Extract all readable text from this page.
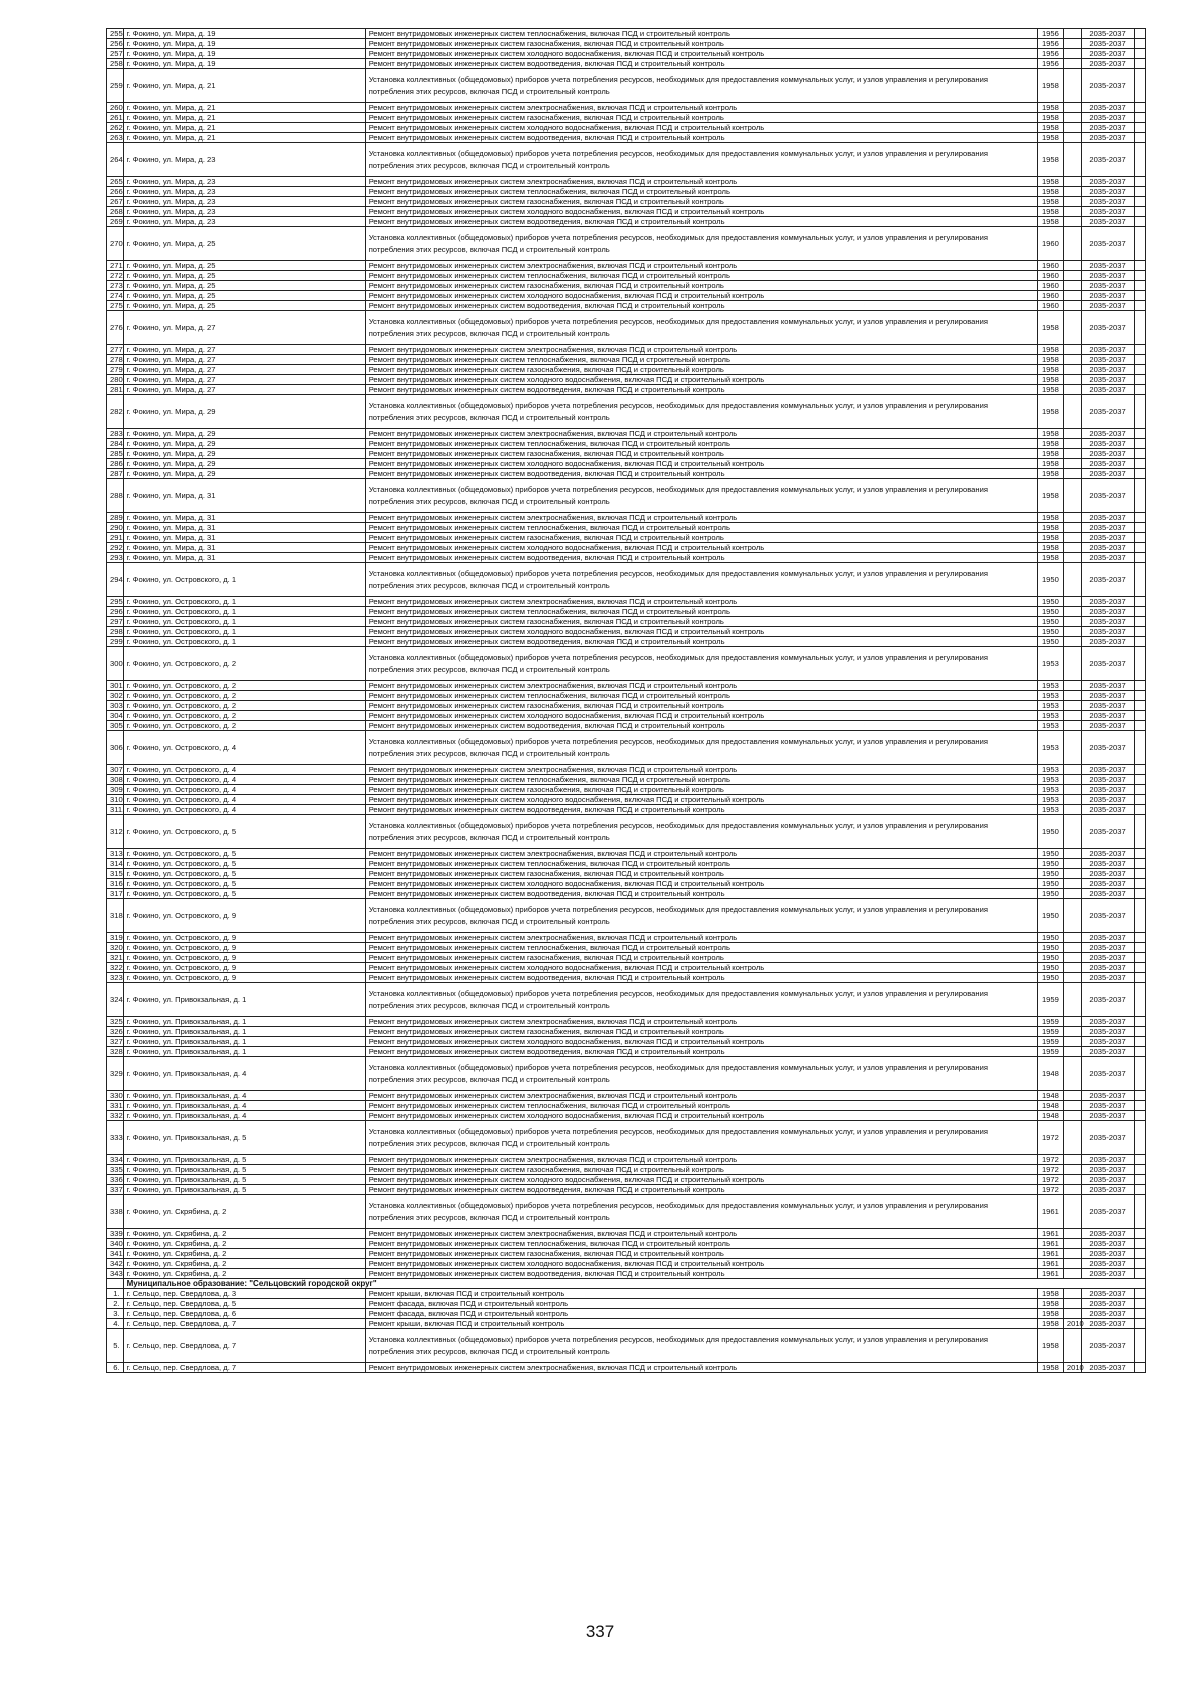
255.	г. Фокино, ул. Мира, д. 19	Ремонт внутридомовых инженерных систем теплоснабжения, включая ПСД и строительный контроль	1956		2035-2037	
256.	г. Фокино, ул. Мира, д. 19	Ремонт внутридомовых инженерных систем газоснабжения, включая ПСД и строительный контроль	1956		2035-2037	
257.	г. Фокино, ул. Мира, д. 19	Ремонт внутридомовых инженерных систем холодного водоснабжения, включая ПСД и строительный контроль	1956		2035-2037	
258.	г. Фокино, ул. Мира, д. 19	Ремонт внутридомовых инженерных систем водоотведения, включая ПСД и строительный контроль	1956		2035-2037	
259.	г. Фокино, ул. Мира, д. 21	Установка коллективных (общедомовых) приборов учета потребления ресурсов, необходимых для предоставления коммунальных услуг, и узлов управления и регулирования потребления этих ресурсов, включая ПСД и строительный контроль	1958		2035-2037	
260.	г. Фокино, ул. Мира, д. 21	Ремонт внутридомовых инженерных систем электроснабжения, включая ПСД и строительный контроль	1958		2035-2037	
261.	г. Фокино, ул. Мира, д. 21	Ремонт внутридомовых инженерных систем газоснабжения, включая ПСД и строительный контроль	1958		2035-2037	
262.	г. Фокино, ул. Мира, д. 21	Ремонт внутридомовых инженерных систем холодного водоснабжения, включая ПСД и строительный контроль	1958		2035-2037	
263.	г. Фокино, ул. Мира, д. 21	Ремонт внутридомовых инженерных систем водоотведения, включая ПСД и строительный контроль	1958		2035-2037	
264.	г. Фокино, ул. Мира, д. 23	Установка коллективных (общедомовых) приборов учета потребления ресурсов, необходимых для предоставления коммунальных услуг, и узлов управления и регулирования потребления этих ресурсов, включая ПСД и строительный контроль	1958		2035-2037	
265.	г. Фокино, ул. Мира, д. 23	Ремонт внутридомовых инженерных систем электроснабжения, включая ПСД и строительный контроль	1958		2035-2037	
266.	г. Фокино, ул. Мира, д. 23	Ремонт внутридомовых инженерных систем теплоснабжения, включая ПСД и строительный контроль	1958		2035-2037	
267.	г. Фокино, ул. Мира, д. 23	Ремонт внутридомовых инженерных систем газоснабжения, включая ПСД и строительный контроль	1958		2035-2037	
268.	г. Фокино, ул. Мира, д. 23	Ремонт внутридомовых инженерных систем холодного водоснабжения, включая ПСД и строительный контроль	1958		2035-2037	
269.	г. Фокино, ул. Мира, д. 23	Ремонт внутридомовых инженерных систем водоотведения, включая ПСД и строительный контроль	1958		2035-2037	
270.	г. Фокино, ул. Мира, д. 25	Установка коллективных (общедомовых) приборов учета потребления ресурсов, необходимых для предоставления коммунальных услуг, и узлов управления и регулирования потребления этих ресурсов, включая ПСД и строительный контроль	1960		2035-2037	
271.	г. Фокино, ул. Мира, д. 25	Ремонт внутридомовых инженерных систем электроснабжения, включая ПСД и строительный контроль	1960		2035-2037	
272.	г. Фокино, ул. Мира, д. 25	Ремонт внутридомовых инженерных систем теплоснабжения, включая ПСД и строительный контроль	1960		2035-2037	
273.	г. Фокино, ул. Мира, д. 25	Ремонт внутридомовых инженерных систем газоснабжения, включая ПСД и строительный контроль	1960		2035-2037	
274.	г. Фокино, ул. Мира, д. 25	Ремонт внутридомовых инженерных систем холодного водоснабжения, включая ПСД и строительный контроль	1960		2035-2037	
275.	г. Фокино, ул. Мира, д. 25	Ремонт внутридомовых инженерных систем водоотведения, включая ПСД и строительный контроль	1960		2035-2037	
276.	г. Фокино, ул. Мира, д. 27	Установка коллективных (общедомовых) приборов учета потребления ресурсов, необходимых для предоставления коммунальных услуг, и узлов управления и регулирования потребления этих ресурсов, включая ПСД и строительный контроль	1958		2035-2037	
277.	г. Фокино, ул. Мира, д. 27	Ремонт внутридомовых инженерных систем электроснабжения, включая ПСД и строительный контроль	1958		2035-2037	
278.	г. Фокино, ул. Мира, д. 27	Ремонт внутридомовых инженерных систем теплоснабжения, включая ПСД и строительный контроль	1958		2035-2037	
279.	г. Фокино, ул. Мира, д. 27	Ремонт внутридомовых инженерных систем газоснабжения, включая ПСД и строительный контроль	1958		2035-2037	
280.	г. Фокино, ул. Мира, д. 27	Ремонт внутридомовых инженерных систем холодного водоснабжения, включая ПСД и строительный контроль	1958		2035-2037	
281.	г. Фокино, ул. Мира, д. 27	Ремонт внутридомовых инженерных систем водоотведения, включая ПСД и строительный контроль	1958		2035-2037	
282.	г. Фокино, ул. Мира, д. 29	Установка коллективных (общедомовых) приборов учета потребления ресурсов, необходимых для предоставления коммунальных услуг, и узлов управления и регулирования потребления этих ресурсов, включая ПСД и строительный контроль	1958		2035-2037	
283.	г. Фокино, ул. Мира, д. 29	Ремонт внутридомовых инженерных систем электроснабжения, включая ПСД и строительный контроль	1958		2035-2037	
284.	г. Фокино, ул. Мира, д. 29	Ремонт внутридомовых инженерных систем теплоснабжения, включая ПСД и строительный контроль	1958		2035-2037	
285.	г. Фокино, ул. Мира, д. 29	Ремонт внутридомовых инженерных систем газоснабжения, включая ПСД и строительный контроль	1958		2035-2037	
286.	г. Фокино, ул. Мира, д. 29	Ремонт внутридомовых инженерных систем холодного водоснабжения, включая ПСД и строительный контроль	1958		2035-2037	
287.	г. Фокино, ул. Мира, д. 29	Ремонт внутридомовых инженерных систем водоотведения, включая ПСД и строительный контроль	1958		2035-2037	
288.	г. Фокино, ул. Мира, д. 31	Установка коллективных (общедомовых) приборов учета потребления ресурсов, необходимых для предоставления коммунальных услуг, и узлов управления и регулирования потребления этих ресурсов, включая ПСД и строительный контроль	1958		2035-2037	
289.	г. Фокино, ул. Мира, д. 31	Ремонт внутридомовых инженерных систем электроснабжения, включая ПСД и строительный контроль	1958		2035-2037	
290.	г. Фокино, ул. Мира, д. 31	Ремонт внутридомовых инженерных систем теплоснабжения, включая ПСД и строительный контроль	1958		2035-2037	
291.	г. Фокино, ул. Мира, д. 31	Ремонт внутридомовых инженерных систем газоснабжения, включая ПСД и строительный контроль	1958		2035-2037	
292.	г. Фокино, ул. Мира, д. 31	Ремонт внутридомовых инженерных систем холодного водоснабжения, включая ПСД и строительный контроль	1958		2035-2037	
293.	г. Фокино, ул. Мира, д. 31	Ремонт внутридомовых инженерных систем водоотведения, включая ПСД и строительный контроль	1958		2035-2037	
294.	г. Фокино, ул. Островского, д. 1	Установка коллективных (общедомовых) приборов учета потребления ресурсов, необходимых для предоставления коммунальных услуг, и узлов управления и регулирования потребления этих ресурсов, включая ПСД и строительный контроль	1950		2035-2037	
295.	г. Фокино, ул. Островского, д. 1	Ремонт внутридомовых инженерных систем электроснабжения, включая ПСД и строительный контроль	1950		2035-2037	
296.	г. Фокино, ул. Островского, д. 1	Ремонт внутридомовых инженерных систем теплоснабжения, включая ПСД и строительный контроль	1950		2035-2037	
297.	г. Фокино, ул. Островского, д. 1	Ремонт внутридомовых инженерных систем газоснабжения, включая ПСД и строительный контроль	1950		2035-2037	
298.	г. Фокино, ул. Островского, д. 1	Ремонт внутридомовых инженерных систем холодного водоснабжения, включая ПСД и строительный контроль	1950		2035-2037	
299.	г. Фокино, ул. Островского, д. 1	Ремонт внутридомовых инженерных систем водоотведения, включая ПСД и строительный контроль	1950		2035-2037	
300.	г. Фокино, ул. Островского, д. 2	Установка коллективных (общедомовых) приборов учета потребления ресурсов, необходимых для предоставления коммунальных услуг, и узлов управления и регулирования потребления этих ресурсов, включая ПСД и строительный контроль	1953		2035-2037	
301.	г. Фокино, ул. Островского, д. 2	Ремонт внутридомовых инженерных систем электроснабжения, включая ПСД и строительный контроль	1953		2035-2037	
302.	г. Фокино, ул. Островского, д. 2	Ремонт внутридомовых инженерных систем теплоснабжения, включая ПСД и строительный контроль	1953		2035-2037	
303.	г. Фокино, ул. Островского, д. 2	Ремонт внутридомовых инженерных систем газоснабжения, включая ПСД и строительный контроль	1953		2035-2037	
304.	г. Фокино, ул. Островского, д. 2	Ремонт внутридомовых инженерных систем холодного водоснабжения, включая ПСД и строительный контроль	1953		2035-2037	
305.	г. Фокино, ул. Островского, д. 2	Ремонт внутридомовых инженерных систем водоотведения, включая ПСД и строительный контроль	1953		2035-2037	
306.	г. Фокино, ул. Островского, д. 4	Установка коллективных (общедомовых) приборов учета потребления ресурсов, необходимых для предоставления коммунальных услуг, и узлов управления и регулирования потребления этих ресурсов, включая ПСД и строительный контроль	1953		2035-2037	
307.	г. Фокино, ул. Островского, д. 4	Ремонт внутридомовых инженерных систем электроснабжения, включая ПСД и строительный контроль	1953		2035-2037	
308.	г. Фокино, ул. Островского, д. 4	Ремонт внутридомовых инженерных систем теплоснабжения, включая ПСД и строительный контроль	1953		2035-2037	
309.	г. Фокино, ул. Островского, д. 4	Ремонт внутридомовых инженерных систем газоснабжения, включая ПСД и строительный контроль	1953		2035-2037	
310.	г. Фокино, ул. Островского, д. 4	Ремонт внутридомовых инженерных систем холодного водоснабжения, включая ПСД и строительный контроль	1953		2035-2037	
311.	г. Фокино, ул. Островского, д. 4	Ремонт внутридомовых инженерных систем водоотведения, включая ПСД и строительный контроль	1953		2035-2037	
312.	г. Фокино, ул. Островского, д. 5	Установка коллективных (общедомовых) приборов учета потребления ресурсов, необходимых для предоставления коммунальных услуг, и узлов управления и регулирования потребления этих ресурсов, включая ПСД и строительный контроль	1950		2035-2037	
313.	г. Фокино, ул. Островского, д. 5	Ремонт внутридомовых инженерных систем электроснабжения, включая ПСД и строительный контроль	1950		2035-2037	
314.	г. Фокино, ул. Островского, д. 5	Ремонт внутридомовых инженерных систем теплоснабжения, включая ПСД и строительный контроль	1950		2035-2037	
315.	г. Фокино, ул. Островского, д. 5	Ремонт внутридомовых инженерных систем газоснабжения, включая ПСД и строительный контроль	1950		2035-2037	
316.	г. Фокино, ул. Островского, д. 5	Ремонт внутридомовых инженерных систем холодного водоснабжения, включая ПСД и строительный контроль	1950		2035-2037	
317.	г. Фокино, ул. Островского, д. 5	Ремонт внутридомовых инженерных систем водоотведения, включая ПСД и строительный контроль	1950		2035-2037	
318.	г. Фокино, ул. Островского, д. 9	Установка коллективных (общедомовых) приборов учета потребления ресурсов, необходимых для предоставления коммунальных услуг, и узлов управления и регулирования потребления этих ресурсов, включая ПСД и строительный контроль	1950		2035-2037	
319.	г. Фокино, ул. Островского, д. 9	Ремонт внутридомовых инженерных систем электроснабжения, включая ПСД и строительный контроль	1950		2035-2037	
320.	г. Фокино, ул. Островского, д. 9	Ремонт внутридомовых инженерных систем теплоснабжения, включая ПСД и строительный контроль	1950		2035-2037	
321.	г. Фокино, ул. Островского, д. 9	Ремонт внутридомовых инженерных систем газоснабжения, включая ПСД и строительный контроль	1950		2035-2037	
322.	г. Фокино, ул. Островского, д. 9	Ремонт внутридомовых инженерных систем холодного водоснабжения, включая ПСД и строительный контроль	1950		2035-2037	
323.	г. Фокино, ул. Островского, д. 9	Ремонт внутридомовых инженерных систем водоотведения, включая ПСД и строительный контроль	1950		2035-2037	
324.	г. Фокино, ул. Привокзальная, д. 1	Установка коллективных (общедомовых) приборов учета потребления ресурсов, необходимых для предоставления коммунальных услуг, и узлов управления и регулирования потребления этих ресурсов, включая ПСД и строительный контроль	1959		2035-2037	
325.	г. Фокино, ул. Привокзальная, д. 1	Ремонт внутридомовых инженерных систем электроснабжения, включая ПСД и строительный контроль	1959		2035-2037	
326.	г. Фокино, ул. Привокзальная, д. 1	Ремонт внутридомовых инженерных систем газоснабжения, включая ПСД и строительный контроль	1959		2035-2037	
327.	г. Фокино, ул. Привокзальная, д. 1	Ремонт внутридомовых инженерных систем холодного водоснабжения, включая ПСД и строительный контроль	1959		2035-2037	
328.	г. Фокино, ул. Привокзальная, д. 1	Ремонт внутридомовых инженерных систем водоотведения, включая ПСД и строительный контроль	1959		2035-2037	
329.	г. Фокино, ул. Привокзальная, д. 4	Установка коллективных (общедомовых) приборов учета потребления ресурсов, необходимых для предоставления коммунальных услуг, и узлов управления и регулирования потребления этих ресурсов, включая ПСД и строительный контроль	1948		2035-2037	
330.	г. Фокино, ул. Привокзальная, д. 4	Ремонт внутридомовых инженерных систем электроснабжения, включая ПСД и строительный контроль	1948		2035-2037	
331.	г. Фокино, ул. Привокзальная, д. 4	Ремонт внутридомовых инженерных систем теплоснабжения, включая ПСД и строительный контроль	1948		2035-2037	
332.	г. Фокино, ул. Привокзальная, д. 4	Ремонт внутридомовых инженерных систем холодного водоснабжения, включая ПСД и строительный контроль	1948		2035-2037	
333.	г. Фокино, ул. Привокзальная, д. 5	Установка коллективных (общедомовых) приборов учета потребления ресурсов, необходимых для предоставления коммунальных услуг, и узлов управления и регулирования потребления этих ресурсов, включая ПСД и строительный контроль	1972		2035-2037	
334.	г. Фокино, ул. Привокзальная, д. 5	Ремонт внутридомовых инженерных систем электроснабжения, включая ПСД и строительный контроль	1972		2035-2037	
335.	г. Фокино, ул. Привокзальная, д. 5	Ремонт внутридомовых инженерных систем газоснабжения, включая ПСД и строительный контроль	1972		2035-2037	
336.	г. Фокино, ул. Привокзальная, д. 5	Ремонт внутридомовых инженерных систем холодного водоснабжения, включая ПСД и строительный контроль	1972		2035-2037	
337.	г. Фокино, ул. Привокзальная, д. 5	Ремонт внутридомовых инженерных систем водоотведения, включая ПСД и строительный контроль	1972		2035-2037	
338.	г. Фокино, ул. Скрябина, д. 2	Установка коллективных (общедомовых) приборов учета потребления ресурсов, необходимых для предоставления коммунальных услуг, и узлов управления и регулирования потребления этих ресурсов, включая ПСД и строительный контроль	1961		2035-2037	
339.	г. Фокино, ул. Скрябина, д. 2	Ремонт внутридомовых инженерных систем электроснабжения, включая ПСД и строительный контроль	1961		2035-2037	
340.	г. Фокино, ул. Скрябина, д. 2	Ремонт внутридомовых инженерных систем теплоснабжения, включая ПСД и строительный контроль	1961		2035-2037	
341.	г. Фокино, ул. Скрябина, д. 2	Ремонт внутридомовых инженерных систем газоснабжения, включая ПСД и строительный контроль	1961		2035-2037	
342.	г. Фокино, ул. Скрябина, д. 2	Ремонт внутридомовых инженерных систем холодного водоснабжения, включая ПСД и строительный контроль	1961		2035-2037	
343.	г. Фокино, ул. Скрябина, д. 2	Ремонт внутридомовых инженерных систем водоотведения, включая ПСД и строительный контроль	1961		2035-2037	
	Муниципальное образование: "Сельцовский городской округ"					
1.	г. Сельцо, пер. Свердлова, д. 3	Ремонт крыши, включая ПСД и строительный контроль	1958		2035-2037	
2.	г. Сельцо, пер. Свердлова, д. 5	Ремонт фасада, включая ПСД и строительный контроль	1958		2035-2037	
3.	г. Сельцо, пер. Свердлова, д. 6	Ремонт фасада, включая ПСД и строительный контроль	1958		2035-2037	
4.	г. Сельцо, пер. Свердлова, д. 7	Ремонт крыши, включая ПСД и строительный контроль	1958	2010	2035-2037	
5.	г. Сельцо, пер. Свердлова, д. 7	Установка коллективных (общедомовых) приборов учета потребления ресурсов, необходимых для предоставления коммунальных услуг, и узлов управления и регулирования потребления этих ресурсов, включая ПСД и строительный контроль	1958		2035-2037	
6.	г. Сельцо, пер. Свердлова, д. 7	Ремонт внутридомовых инженерных систем электроснабжения, включая ПСД и строительный контроль	1958	2010	2035-2037	
337
